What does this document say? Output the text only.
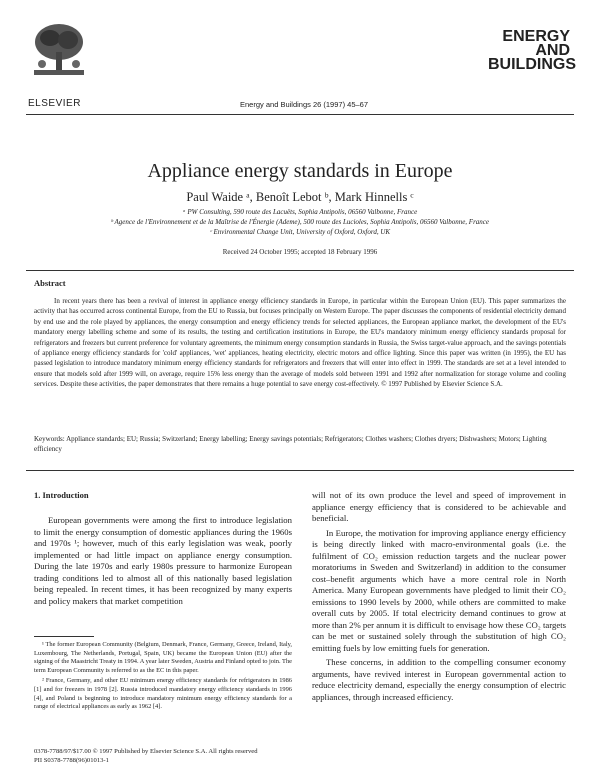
ELSEVIER	Energy and Buildings 26 (1997) 45–67
ENERGY
AND
BUILDINGS
Appliance energy standards in Europe
Paul Waide ᵃ, Benoît Lebot ᵇ, Mark Hinnells ᶜ
ᵃ PW Consulting, 590 route des Lacuëts, Sophia Antipolis, 06560 Valbonne, France
ᵇ Agence de l'Environnement et de la Maîtrise de l'Énergie (Ademe), 500 route des Lucioles, Sophia Antipolis, 06560 Valbonne, France
ᶜ Environmental Change Unit, University of Oxford, Oxford, UK
Received 24 October 1995; accepted 18 February 1996
Abstract
In recent years there has been a revival of interest in appliance energy efficiency standards in Europe, in particular within the European Union (EU). This paper summarizes the activity that has occurred across continental Europe, from the EU to Russia, but focuses principally on Western Europe. The paper discusses the components of residential electricity demand by end use and the role played by appliances, the energy consumption and energy efficiency trends for selected appliances, the European appliance market, the development of the EU's mandatory energy labelling scheme and some of its results, the testing and certification institutions in Europe, the EU's mandatory minimum energy efficiency standards proposal for refrigerators and freezers but current preference for voluntary agreements, the minimum energy consumption standards in Russia, the Swiss target-value approach, and the savings potentials of appliance energy efficiency standards for 'cold' appliances, 'wet' appliances, heating electricity, electric motors and office lighting. Since this paper was written (in 1995), the EU has passed legislation to introduce mandatory minimum energy efficiency standards for refrigerators and freezers that will enter into effect in 1999. The standards are set at a level intended to ensure that models sold after 1999 will, on average, require 15% less energy than the average of models sold between 1991 and 1992 after normalization for storage volume and cooling services. Despite these activities, the paper demonstrates that there remains a huge potential to save energy cost-effectively. © 1997 Published by Elsevier Science S.A.
Keywords: Appliance standards; EU; Russia; Switzerland; Energy labelling; Energy savings potentials; Refrigerators; Clothes washers; Clothes dryers; Dishwashers; Motors; Lighting efficiency
1. Introduction

European governments were among the first to introduce legislation to limit the energy consumption of domestic appliances during the 1960s and 1970s ¹; however, much of this early legislation was weak, poorly implemented or had little impact on appliance energy consumption. During the late 1970s and early 1980s pressure to harmonize European trading conditions led to almost all of this nationally based legislation being repealed. In recent times, it has been recognized by many experts and policy makers that market competition

will not of its own produce the level and speed of improvement in appliance energy efficiency that is considered to be achievable and beneficial.

In Europe, the motivation for improving appliance energy efficiency is being directly linked with macro-environmental goals (i.e. the fulfilment of CO₂ emission reduction targets and the nuclear power moratoriums in Sweden and Switzerland) in addition to the consumer cost–benefit arguments which have a more central role in North America. Many European governments have pledged to limit their CO₂ emissions to 1990 levels by 2000, while others are committed to make overall cuts by 2005. If total electricity demand continues to grow at more than 2% per annum it is difficult to envisage how these CO₂ targets can be met or sustained solely through the substitution of high CO₂ emitting fuels by low emitting fuels for generation.

These concerns, in addition to the compelling consumer economy arguments, have revived interest in European governmental action to reduce electricity demand, especially the energy consumption of electric appliances, through increased efficiency.

¹ The former European Community (Belgium, Denmark, France, Germany, Greece, Ireland, Italy, Luxembourg, The Netherlands, Portugal, Spain, UK) became the European Union (EU) after the signing of the Maastricht Treaty in 1994. A year later Sweden, Austria and Finland opted to join. The term European Community is referred to as the EC in this paper.

² France, Germany, and other EU minimum energy efficiency standards for refrigerators in 1986 [1] and for freezers in 1978 [2]. Russia introduced mandatory energy efficiency standards in 1996 [4], and Poland is beginning to introduce mandatory minimum energy efficiency standards for a range of electrical appliances as early as 1962 [4].

0378-7788/97/$17.00 © 1997 Published by Elsevier Science S.A. All rights reserved
PII S0378-7788(96)01013-1
